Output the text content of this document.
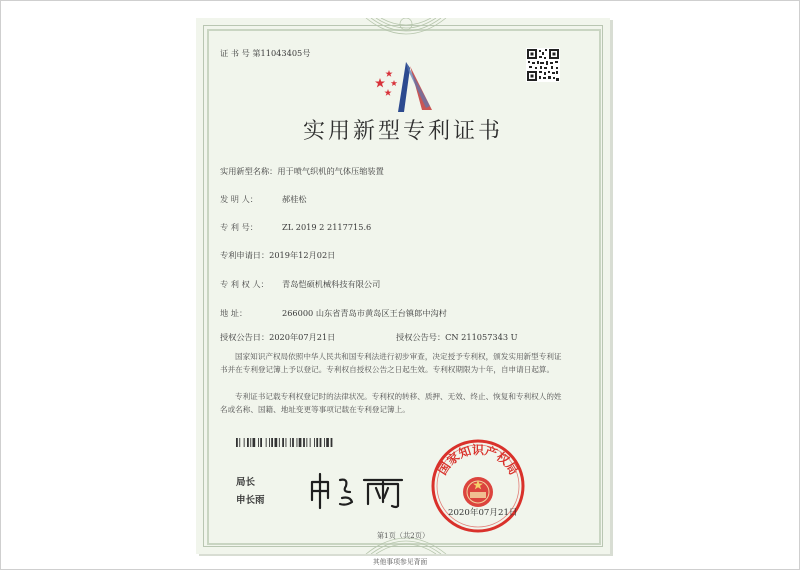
证 书 号 第11043405号
实用新型专利证书
实用新型名称：用于喷气织机的气体压缩装置
发 明 人：	郝桂松
专 利 号：	ZL 2019 2 2117715.6
专利申请日：2019年12月02日
专 利 权 人： 青岛恺硕机械科技有限公司
地 址：	266000 山东省青岛市黄岛区王台镇郎中沟村
授权公告日：2020年07月21日	授权公告号：CN 211057343 U
国家知识产权局依照中华人民共和国专利法进行初步审查，决定授予专利权，颁发实用新型专利证书并在专利登记簿上予以登记。专利权自授权公告之日起生效。专利权期限为十年，自申请日起算。
专利证书记载专利权登记时的法律状况。专利权的转移、质押、无效、终止、恢复和专利权人的姓名或名称、国籍、地址变更等事项记载在专利登记簿上。
局长
申长雨
国家知识产权局
2020年07月21日
第1页（共2页）
其他事项参见背面
